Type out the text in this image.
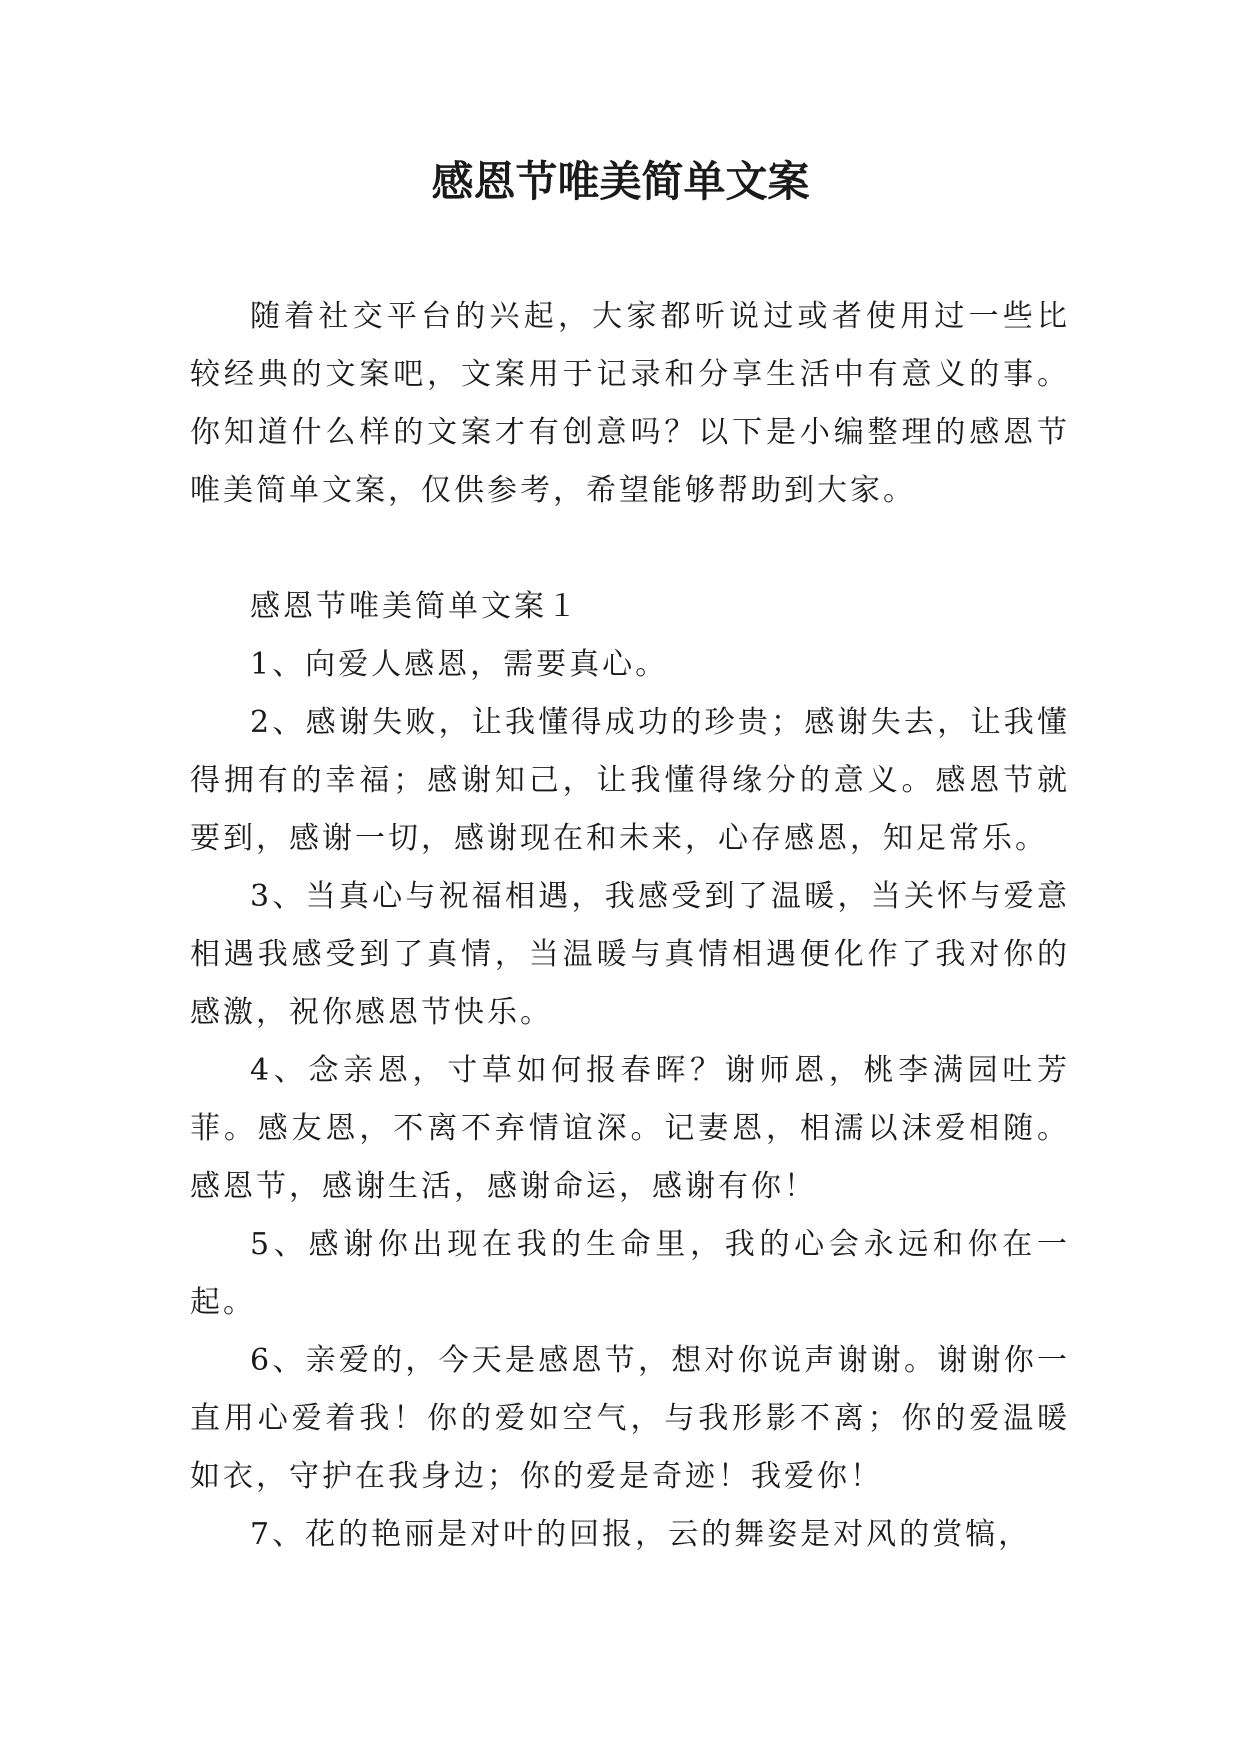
感恩节唯美简单文案

随着社交平台的兴起，大家都听说过或者使用过一些比较经典的文案吧，文案用于记录和分享生活中有意义的事。你知道什么样的文案才有创意吗？以下是小编整理的感恩节唯美简单文案，仅供参考，希望能够帮助到大家。

感恩节唯美简单文案１

1、向爱人感恩，需要真心。

2、感谢失败，让我懂得成功的珍贵；感谢失去，让我懂得拥有的幸福；感谢知己，让我懂得缘分的意义。感恩节就要到，感谢一切，感谢现在和未来，心存感恩，知足常乐。

3、当真心与祝福相遇，我感受到了温暖，当关怀与爱意相遇我感受到了真情，当温暖与真情相遇便化作了我对你的感激，祝你感恩节快乐。

4、念亲恩，寸草如何报春晖？谢师恩，桃李满园吐芳菲。感友恩，不离不弃情谊深。记妻恩，相濡以沫爱相随。感恩节，感谢生活，感谢命运，感谢有你！

5、感谢你出现在我的生命里，我的心会永远和你在一起。

6、亲爱的，今天是感恩节，想对你说声谢谢。谢谢你一直用心爱着我！你的爱如空气，与我形影不离；你的爱温暖如衣，守护在我身边；你的爱是奇迹！我爱你！

7、花的艳丽是对叶的回报，云的舞姿是对风的赏犒，
